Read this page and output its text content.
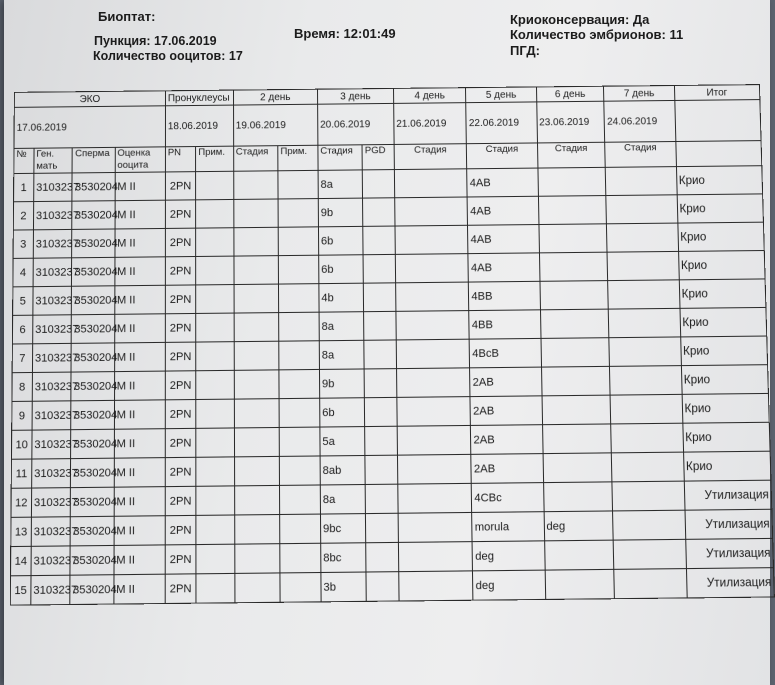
Биоптат:
Пункция: 17.06.2019
Количество ооцитов: 17
Время: 12:01:49
Криоконсервация: Да
Количество эмбрионов: 11
ПГД:
ЭКО				Пронуклеусы		2 день		3 день		4 день	5 день	6 день	7 день	Итог
17.06.2019				18.06.2019		19.06.2019		20.06.2019		21.06.2019	22.06.2019	23.06.2019	24.06.2019	
№	Ген. мать	Сперма	Оценка ооцита	PN	Прим.	Стадия	Прим.	Стадия	PGD	Стадия	Стадия	Стадия	Стадия	
1	3103237	3530204	M II	2PN				8a			4AB			Крио
2	3103237	3530204	M II	2PN				9b			4AB			Крио
3	3103237	3530204	M II	2PN				6b			4AB			Крио
4	3103237	3530204	M II	2PN				6b			4AB			Крио
5	3103237	3530204	M II	2PN				4b			4BB			Крио
6	3103237	3530204	M II	2PN				8a			4BB			Крио
7	3103237	3530204	M II	2PN				8a			4BcB			Крио
8	3103237	3530204	M II	2PN				9b			2AB			Крио
9	3103237	3530204	M II	2PN				6b			2AB			Крио
10	3103237	3530204	M II	2PN				5a			2AB			Крио
11	3103237	3530204	M II	2PN				8ab			2AB			Крио
12	3103237	3530204	M II	2PN				8a			4CBc			Утилизация
13	3103237	3530204	M II	2PN				9bc			morula	deg		Утилизация
14	3103237	3530204	M II	2PN				8bc			deg			Утилизация
15	3103237	3530204	M II	2PN				3b			deg			Утилизация
